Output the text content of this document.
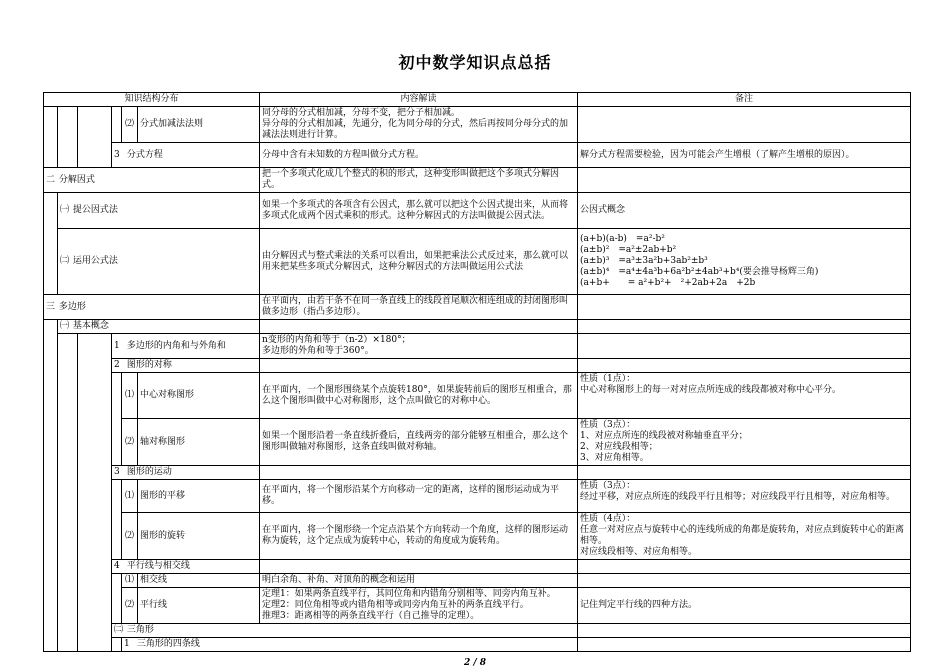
初中数学知识点总括
知识结构分布						内容解读	备注	
				⑵	分式加减法法则	同分母的分式相加减，分母不变，把分子相加减。
异分母的分式相加减，先通分，化为同分母的分式，然后再按同分母分式的加减法法则进行计算。		
			3 分式方程			分母中含有未知数的方程叫做分式方程。	解分式方程需要检验，因为可能会产生增根（了解产生增根的原因）。	
二 分解因式						把一个多项式化成几个整式的积的形式，这种变形叫做把这个多项式分解因式。		
	㈠ 提公因式法					如果一个多项式的各项含有公因式，那么就可以把这个公因式提出来，从而将多项式化成两个因式乘积的形式。这种分解因式的方法叫做提公因式法。	公因式概念	
	㈡ 运用公式法					由分解因式与整式乘法的关系可以看出，如果把乘法公式反过来，那么就可以用来把某些多项式分解因式，这种分解因式的方法叫做运用公式法	(a+b)(a-b)　=a²-b²
(a±b)²　=a²±2ab+b²
(a±b)³　=a³±3a²b+3ab²±b³
(a±b)⁴　=a⁴±4a³b+6a²b²±4ab³+b⁴(要会推导杨辉三角)
(a+b+　　= a²+b²+　²+2ab+2a　+2b	
三 多边形						在平面内，由若干条不在同一条直线上的线段首尾顺次相连组成的封闭图形叫做多边形（指凸多边形）。		
	㈠ 基本概念							
			1 多边形的内角和与外角和			n变形的内角和等于（n-2）×180°；
多边形的外角和等于360°。		
			2 图形的对称					
				⑴	中心对称图形	在平面内，一个图形围绕某个点旋转180°，如果旋转前后的图形互相重合，那么这个图形叫做中心对称图形，这个点叫做它的对称中心。	性质（1点）：
中心对称图形上的每一对对应点所连成的线段都被对称中心平分。	
				⑵	轴对称图形	如果一个图形沿着一条直线折叠后，直线两旁的部分能够互相重合，那么这个图形叫做轴对称图形，这条直线叫做对称轴。	性质（3点）：
1、对应点所连的线段被对称轴垂直平分；
2、对应线段相等；
3、对应角相等。	
			3 图形的运动					
				⑴	图形的平移	在平面内，将一个图形沿某个方向移动一定的距离，这样的图形运动成为平移。	性质（3点）：
经过平移，对应点所连的线段平行且相等；对应线段平行且相等，对应角相等。	
				⑵	图形的旋转	在平面内，将一个图形绕一个定点沿某个方向转动一个角度，这样的图形运动称为旋转，这个定点成为旋转中心，转动的角度成为旋转角。	性质（4点）：
任意一对对应点与旋转中心的连线所成的角都是旋转角，对应点到旋转中心的距离相等。
对应线段相等、对应角相等。	
			4 平行线与相交线					
				⑴	相交线	明白余角、补角、对顶角的概念和运用		
				⑵	平行线	定理1：如果两条直线平行，其同位角和内错角分别相等、同旁内角互补。
定理2：同位角相等或内错角相等或同旁内角互补的两条直线平行。
推理3：距离相等的两条直线平行（自己推导的定理）。	记住判定平行线的四种方法。	
			㈡ 三角形					
				1 三角形的四条线				
2 / 8
